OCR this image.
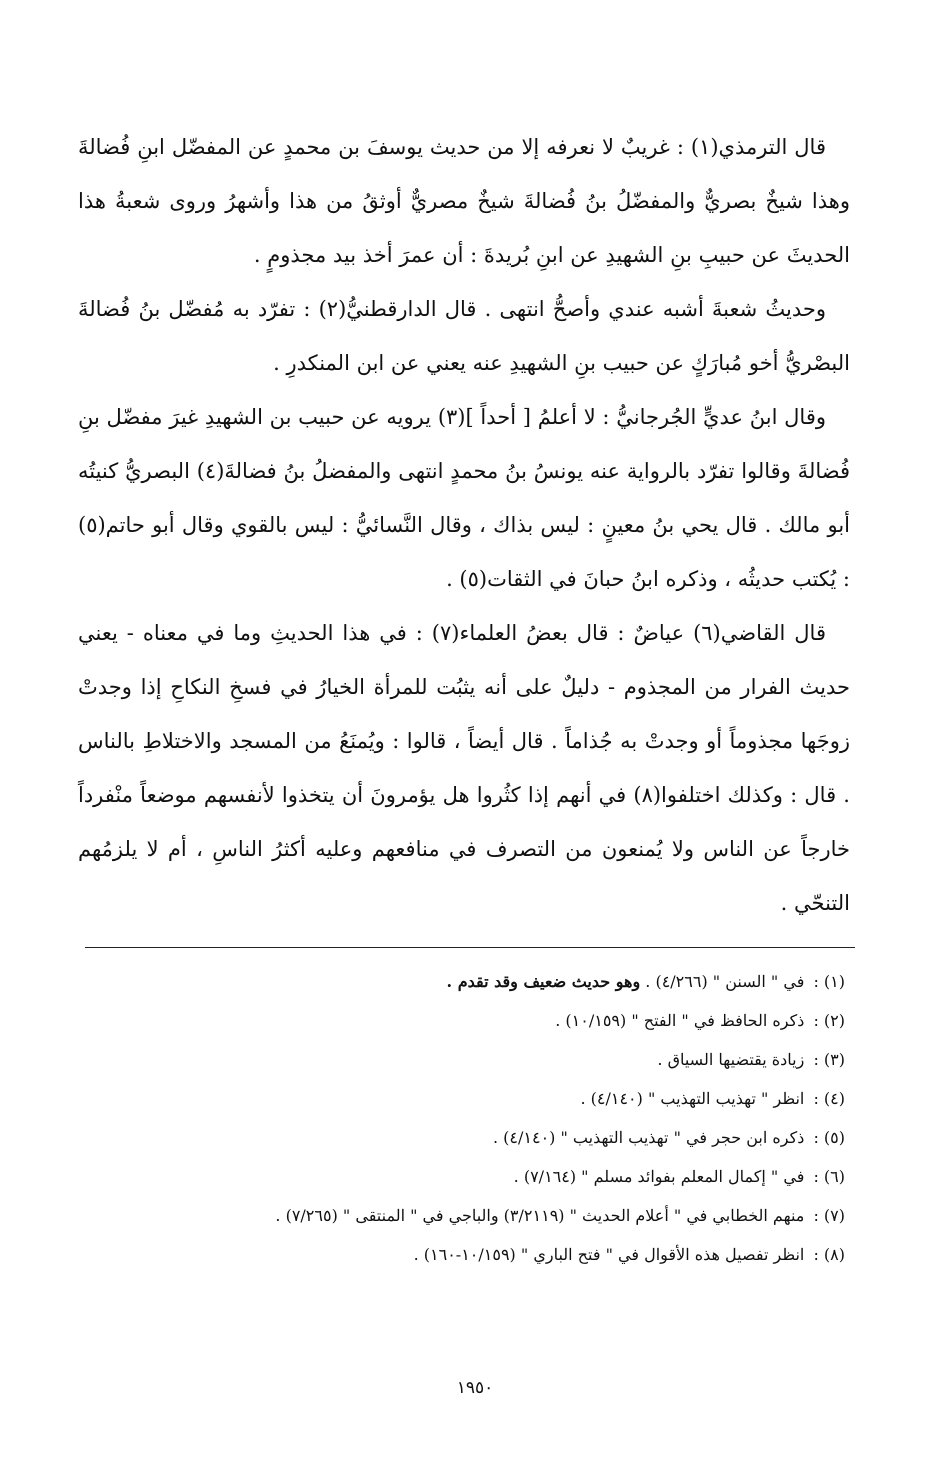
قال الترمذي(١) : غريبٌ لا نعرفه إلا من حديث يوسفَ بن محمدٍ عن المفضّل ابنِ فُضالةَ وهذا شيخٌ بصريٌّ والمفضّلُ بنُ فُضالةَ شيخٌ مصريٌّ أوثقُ من هذا وأشهرُ وروى شعبةُ هذا الحديثَ عن حبيبِ بنِ الشهيدِ عن ابنِ بُريدةَ : أن عمرَ أخذ بيد مجذومٍ .

وحديثُ شعبةَ أشبه عندي وأصحُّ انتهى . قال الدارقطنيُّ(٢) : تفرّد به مُفضّل بنُ فُضالةَ البصْريُّ أخو مُبارَكٍ عن حبيب بنِ الشهيدِ عنه يعني عن ابن المنكدرِ .

وقال ابنُ عديٍّ الجُرجانيُّ : لا أعلمُ [ أحداً ](٣) يرويه عن حبيب بن الشهيدِ غيرَ مفضّل بنِ فُضالةَ وقالوا تفرّد بالرواية عنه يونسُ بنُ محمدٍ انتهى والمفضلُ بنُ فضالةَ(٤) البصريُّ كنيتُه أبو مالك . قال يحي بنُ معينٍ : ليس بذاك ، وقال النَّسائيُّ : ليس بالقوي وقال أبو حاتم(٥) : يُكتب حديثُه ، وذكره ابنُ حبانَ في الثقات(٥) .

قال القاضي(٦) عياضٌ : قال بعضُ العلماء(٧) : في هذا الحديثِ وما في معناه - يعني حديث الفرار من المجذوم - دليلٌ على أنه يثبُت للمرأة الخيارُ في فسخِ النكاحِ إذا وجدتْ زوجَها مجذوماً أو وجدتْ به جُذاماً . قال أيضاً ، قالوا : ويُمنَعُ من المسجد والاختلاطِ بالناس . قال : وكذلك اختلفوا(٨) في أنهم إذا كثُروا هل يؤمرونَ أن يتخذوا لأنفسهم موضعاً منْفرداً خارجاً عن الناس ولا يُمنعون من التصرف في منافعهم وعليه أكثرُ الناسِ ، أم لا يلزمُهم التنحّي .

(١) : في " السنن " (٤/٢٦٦) . وهو حديث ضعيف وقد تقدم .
(٢) : ذكره الحافظ في " الفتح " (١٠/١٥٩) .
(٣) : زيادة يقتضيها السياق .
(٤) : انظر " تهذيب التهذيب " (٤/١٤٠) .
(٥) : ذكره ابن حجر في " تهذيب التهذيب " (٤/١٤٠) .
(٦) : في " إكمال المعلم بفوائد مسلم " (٧/١٦٤) .
(٧) : منهم الخطابي في " أعلام الحديث " (٣/٢١١٩) والباجي في " المنتقى " (٧/٢٦٥) .
(٨) : انظر تفصيل هذه الأقوال في " فتح الباري " (١٠/١٥٩-١٦٠) .
١٩٥٠
